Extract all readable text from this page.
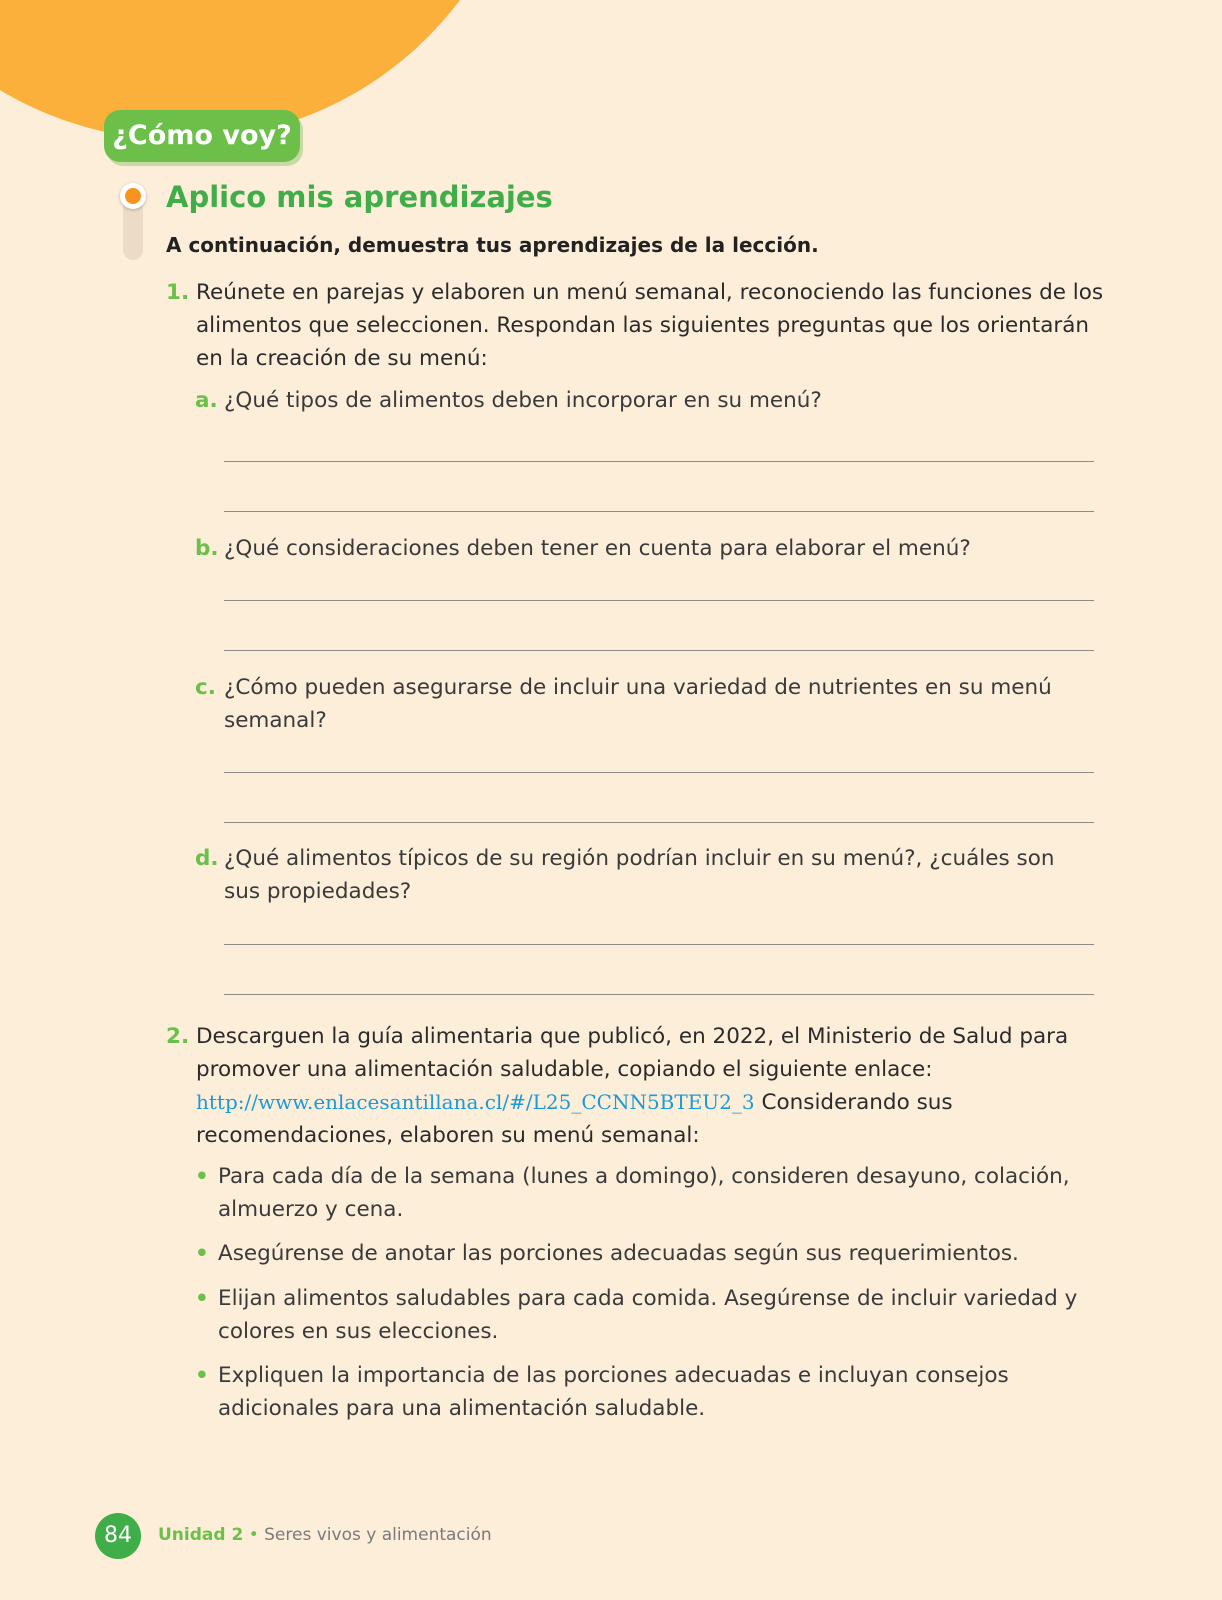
¿Cómo voy?
Aplico mis aprendizajes
A continuación, demuestra tus aprendizajes de la lección.
1. Reúnete en parejas y elaboren un menú semanal, reconociendo las funciones de los alimentos que seleccionen. Respondan las siguientes preguntas que los orientarán en la creación de su menú:
a. ¿Qué tipos de alimentos deben incorporar en su menú?
b. ¿Qué consideraciones deben tener en cuenta para elaborar el menú?
c. ¿Cómo pueden asegurarse de incluir una variedad de nutrientes en su menú semanal?
d. ¿Qué alimentos típicos de su región podrían incluir en su menú?, ¿cuáles son sus propiedades?
2. Descarguen la guía alimentaria que publicó, en 2022, el Ministerio de Salud para promover una alimentación saludable, copiando el siguiente enlace: http://www.enlacesantillana.cl/#/L25_CCNN5BTEU2_3 Considerando sus recomendaciones, elaboren su menú semanal:
• Para cada día de la semana (lunes a domingo), consideren desayuno, colación, almuerzo y cena.
• Asegúrense de anotar las porciones adecuadas según sus requerimientos.
• Elijan alimentos saludables para cada comida. Asegúrense de incluir variedad y colores en sus elecciones.
• Expliquen la importancia de las porciones adecuadas e incluyan consejos adicionales para una alimentación saludable.
84	Unidad 2 • Seres vivos y alimentación
